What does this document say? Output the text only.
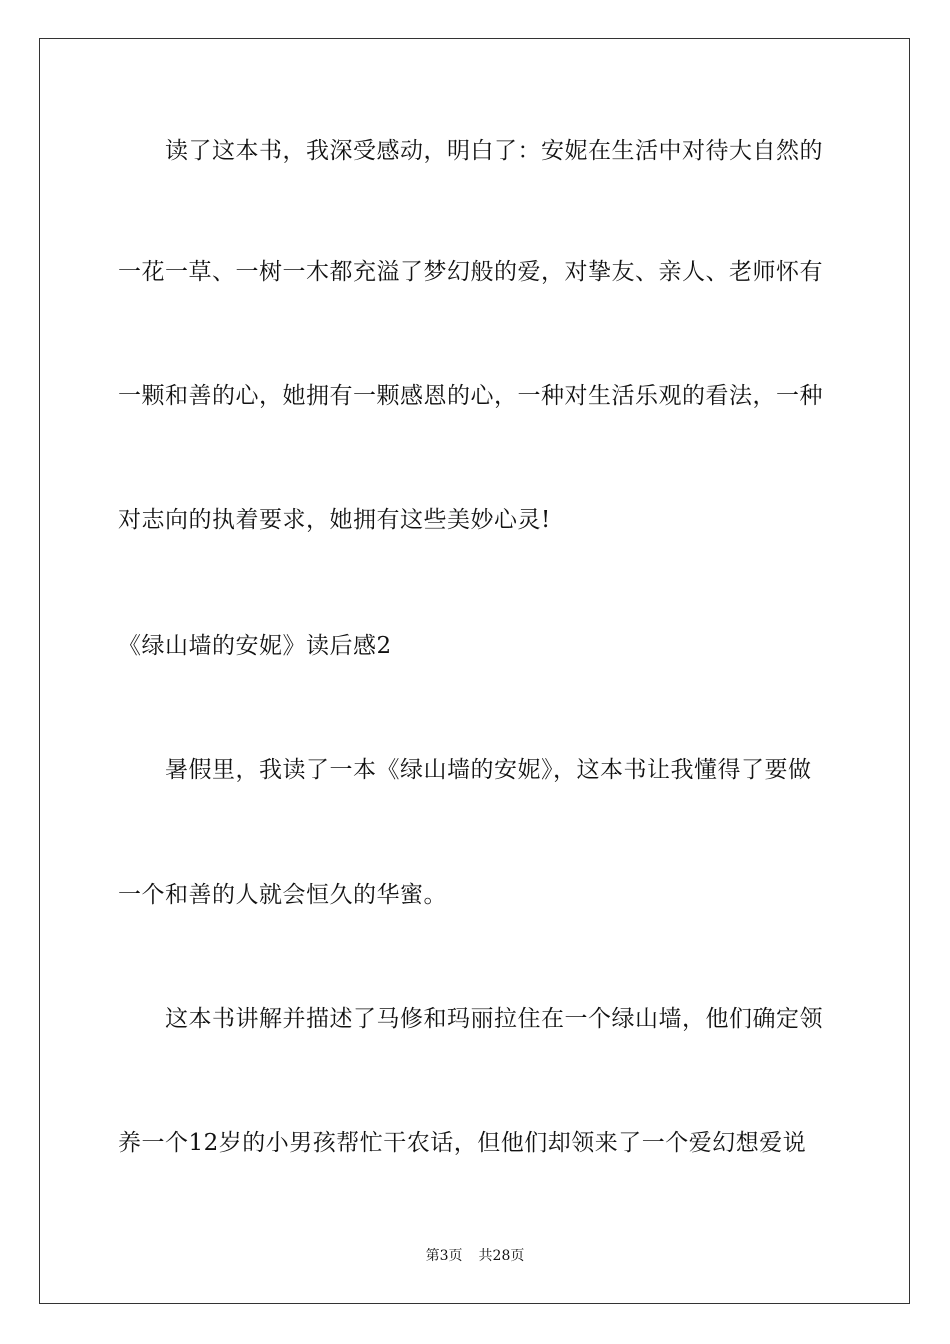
读了这本书，我深受感动，明白了：安妮在生活中对待大自然的
一花一草、一树一木都充溢了梦幻般的爱，对挚友、亲人、老师怀有
一颗和善的心，她拥有一颗感恩的心，一种对生活乐观的看法，一种
对志向的执着要求，她拥有这些美妙心灵!
《绿山墙的安妮》读后感2
暑假里，我读了一本《绿山墙的安妮》，这本书让我懂得了要做
一个和善的人就会恒久的华蜜。
这本书讲解并描述了马修和玛丽拉住在一个绿山墙，他们确定领
养一个12岁的小男孩帮忙干农话，但他们却领来了一个爱幻想爱说
第3页 共28页
